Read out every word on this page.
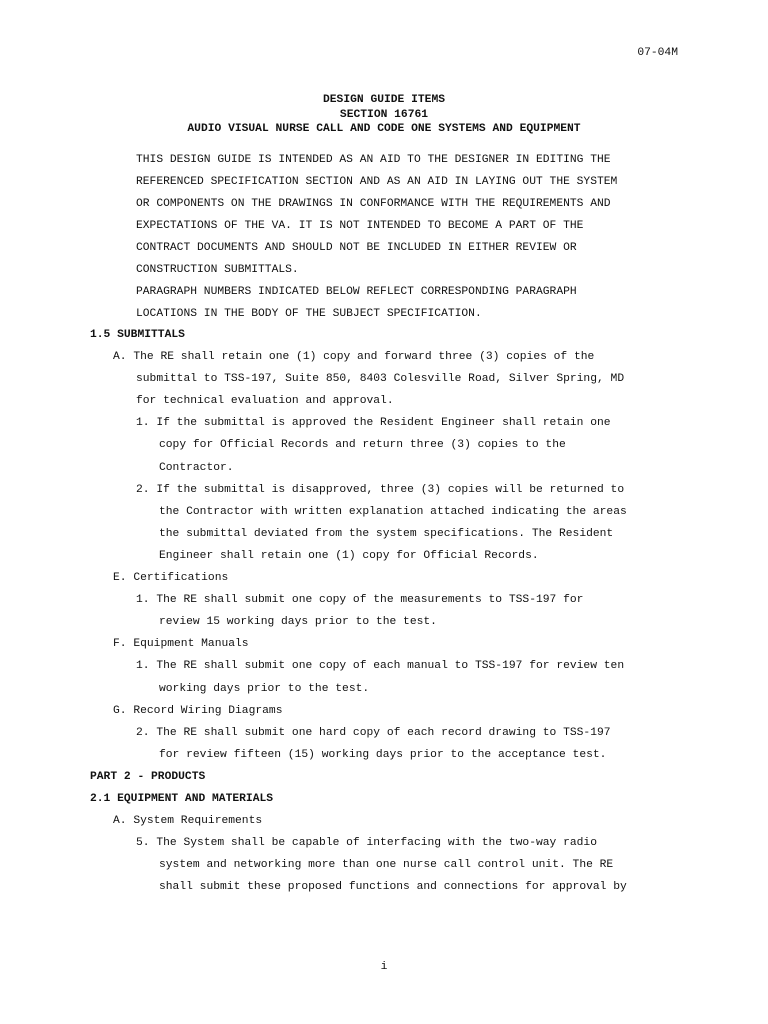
07-04M
DESIGN GUIDE ITEMS
SECTION 16761
AUDIO VISUAL NURSE CALL AND CODE ONE SYSTEMS AND EQUIPMENT

THIS DESIGN GUIDE IS INTENDED AS AN AID TO THE DESIGNER IN EDITING THE

REFERENCED SPECIFICATION SECTION AND AS AN AID IN LAYING OUT THE SYSTEM

OR COMPONENTS ON THE DRAWINGS IN CONFORMANCE WITH THE REQUIREMENTS AND

EXPECTATIONS OF THE VA. IT IS NOT INTENDED TO BECOME A PART OF THE

CONTRACT DOCUMENTS AND SHOULD NOT BE INCLUDED IN EITHER REVIEW OR

CONSTRUCTION SUBMITTALS.

PARAGRAPH NUMBERS INDICATED BELOW REFLECT CORRESPONDING PARAGRAPH

LOCATIONS IN THE BODY OF THE SUBJECT SPECIFICATION.

1.5 SUBMITTALS
A. The RE shall retain one (1) copy and forward three (3) copies of the
submittal to TSS-197, Suite 850, 8403 Colesville Road, Silver Spring, MD
for technical evaluation and approval.
1. If the submittal is approved the Resident Engineer shall retain one
copy for Official Records and return three (3) copies to the
Contractor.
2. If the submittal is disapproved, three (3) copies will be returned to
the Contractor with written explanation attached indicating the areas
the submittal deviated from the system specifications. The Resident
Engineer shall retain one (1) copy for Official Records.
E. Certifications
1. The RE shall submit one copy of the measurements to TSS-197 for
review 15 working days prior to the test.
F. Equipment Manuals
1. The RE shall submit one copy of each manual to TSS-197 for review ten
working days prior to the test.
G. Record Wiring Diagrams
2. The RE shall submit one hard copy of each record drawing to TSS-197
for review fifteen (15) working days prior to the acceptance test.
PART 2 - PRODUCTS
2.1 EQUIPMENT AND MATERIALS
A. System Requirements
5. The System shall be capable of interfacing with the two-way radio
system and networking more than one nurse call control unit. The RE
shall submit these proposed functions and connections for approval by
i
